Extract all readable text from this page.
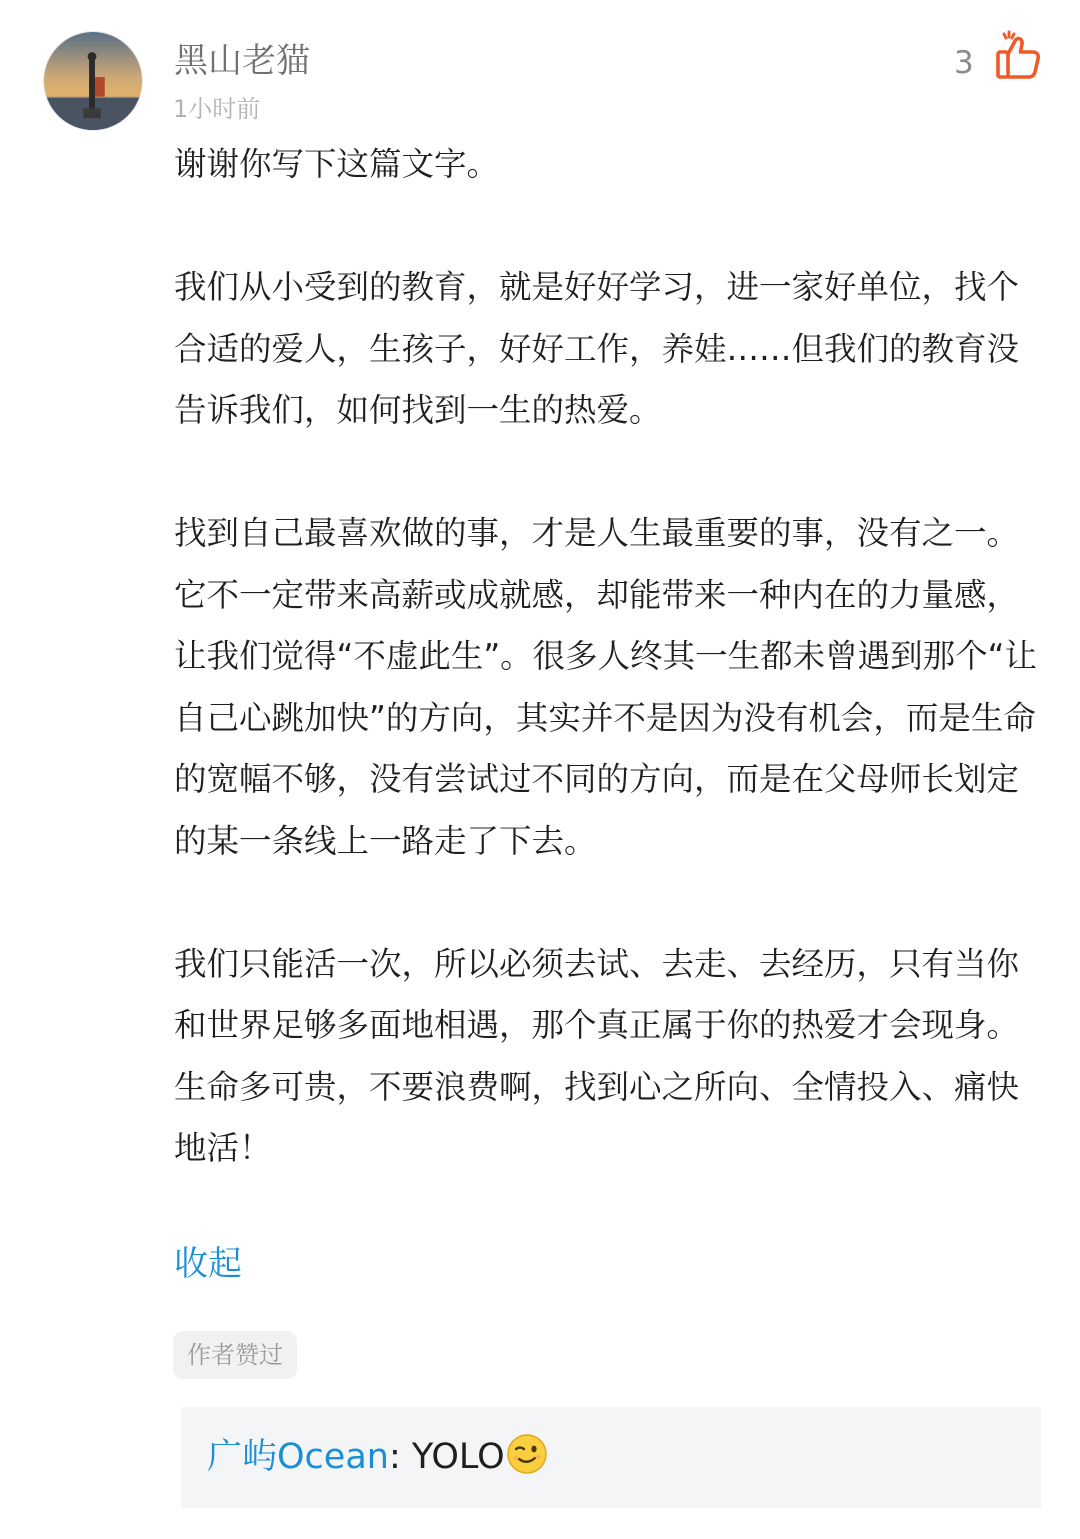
黑山老猫
1小时前
3

谢谢你写下这篇文字。

我们从小受到的教育，就是好好学习，进一家好单位，找个合适的爱人，生孩子，好好工作，养娃……但我们的教育没告诉我们，如何找到一生的热爱。

找到自己最喜欢做的事，才是人生最重要的事，没有之一。它不一定带来高薪或成就感，却能带来一种内在的力量感，让我们觉得“不虚此生”。很多人终其一生都未曾遇到那个“让自己心跳加快”的方向，其实并不是因为没有机会，而是生命的宽幅不够，没有尝试过不同的方向，而是在父母师长划定的某一条线上一路走了下去。

我们只能活一次，所以必须去试、去走、去经历，只有当你和世界足够多面地相遇，那个真正属于你的热爱才会现身。生命多可贵，不要浪费啊，找到心之所向、全情投入、痛快地活！

收起
作者赞过
广屿Ocean: YOLO
